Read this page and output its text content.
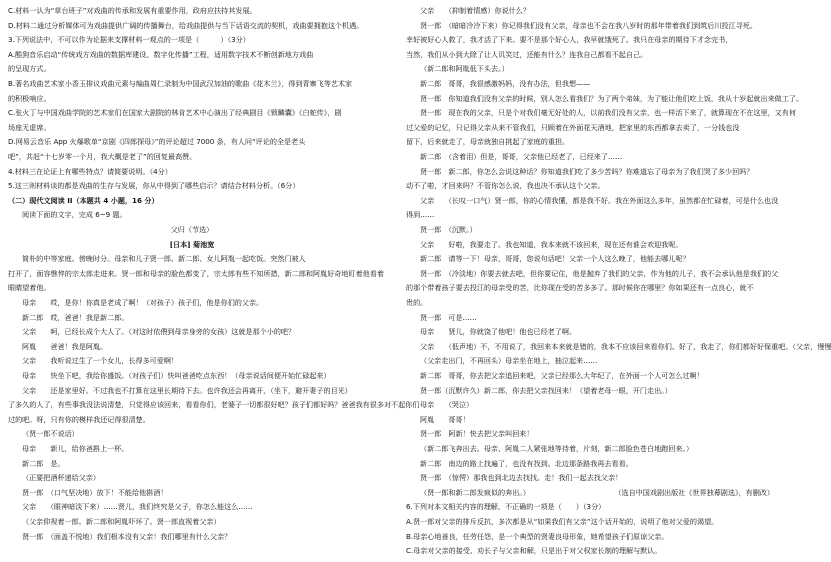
C.材料一认为“草台班子”对戏曲的传承和发展有重要作用，政府应扶持其发展。
D.材料二通过分析媒体可为戏曲提供广阔的传播舞台，给戏曲提供与当下话语交流的契机，戏曲要拥抱这个机遇。
3.下列说法中，不可以作为论据来支撑材料一观点的一项是（　　　）（3分）
A.酷狗音乐启动“传统戏方戏曲的数据库建设、数字化传播”工程，适用数字技术不断创新地方戏曲
的呈现方式。
B.著名戏曲艺术家小香玉排议戏曲元素与编曲周仁录制为中国武汉加油的歌曲《花木兰》，得到青寨飞等艺术家
的积极响应。
C.张火丁与中国戏曲学院的艺术家们在国家大剧院的林肯艺术中心演出了经典剧目《锁麟囊》《白蛇传》，剧
场座无虚席。
D.网易云音乐 App 火爆歌单“京剧《四郎探母》”的评论超过 7000 条，有人问“评论的全是老头
吧”，共赶“十七岁零一个月，我大概是老了”的回复最高赞。
4.材料三在论证上有哪些特点？请简要说明。（4分）
5.这三则材料谈的都是戏曲的生存与发展，你从中得到了哪些启示？请结合材料分析。（6分）
（二）现代文阅读 II（本题共 4 小题，16 分）
阅读下面的文字，完成 6~9 题。
父归（节选）
[日本] 菊池宽
简朴的中等家庭。傍晚时分。母亲和儿子贤一郎、新二郎、女儿阿胤一起吃饭。突然门被人
打开了，面容憔悴的宗太郎走进来。贤一郎和母亲的脸色都变了，宗太郎有些不知所措，新二郎和阿胤好奇地盯着他看着
眼睛望着他。
母亲　　哎，是你！你真是老成了啊！（对孩子）孩子们，他是你们的父亲。
新二郎　哎，爸爸！我是新二郎。
父亲　　呵，已经长成个大人了。（对这时依偎到母亲身旁的女孩）这就是那个小的吧？
阿胤　　爸爸！我是阿胤。
父亲　　我听说过生了一个女儿，长得多可爱啊！
母亲　　快坐下吧，我给你盛饭。（对孩子们）快叫爸爸吃点东西！（母亲说话间便开始忙碌起来）
父亲　　还是家里好。不过我也不打算在这里长期待下去。也许我还会再离开，（坐下，避开妻子的目光）
了多久的人了，有些事我没法说清楚，只觉得应该回来，看看你们，老婆子一切都很好吧？孩子们都好吗？爸爸我有很多对不起你们
过的吧。呀，只有你的模样我还记得很清楚。
（贤一郎不说话）
母亲　　新儿，给你爸斟上一杯。
新二郎　是。
（正要把酒杯递给父亲）
贤一郎　（口气坚决地）放下！不能给他斟酒！
父亲　　（眼神暗淡下来）……贤儿，我们终究是父子，你怎么能这么……
（父亲仰视着一郎。新二郎和阿胤吓坏了。贤一郎直视着父亲）
贤一郎　（面盖不悦地）我们根本没有父亲！我们哪里有什么父亲？
父亲　　（抑制着情感）你说什么？
贤一郎　（暗暗冷冷下来）你记得我们没有父亲，母亲也不会在我八岁时的那年带着我们到筑后川投江寻死。
幸好被好心人救了，我才活了下来。要不是那个好心人，我早就饿死了。我只在母亲的期待下才念完书，
当然，我们从小到大除了让人讥笑过，还能有什么？连我自己都看不起自己。
（新二郎和阿胤低下头去。）
新二郎　哥哥，我很感激妈妈，没有办法，但我想——
贤一郎　你知道我们没有父亲的时候，别人怎么看我们？为了两个弟妹，为了能让他们吃上饭，我从十岁起就出来做工了。
贤一郎　现在我的父亲，只是个对我们毫无好处的人，以前我们没有父亲，也一样活下来了，就算现在不在这里，又有何
过父爱的记忆，只记得父亲从来不管我们，只顾着在外面花天酒地，把家里的东西都拿去卖了，一分钱也没
留下，后来就走了，母亲就独自挑起了家庭的重担。
新二郎　（含着泪）但是，哥哥，父亲他已经老了，已经来了……
贤一郎　新二郎，你怎么会说这种话？你知道我们吃了多少苦吗？你难道忘了母亲为了我们哭了多少回吗？
动不了啦，才回来吗？不管你怎么说，我也决不承认这个父亲。
父亲　　（长叹一口气）贤一郎，你的心情我懂，都是我不好。我在外面这么多年，虽然都在忙碌着，可是什么也没
得到……
贤一郎　（沉默。）
父亲　　好啦，我要走了。我也知道，我本来就不该回来，现在还有谁会欢迎我呢。
新二郎　请等一下！母亲，哥哥，您说句话吧！父亲一个人这么晚了，他能去哪儿呢？
贤一郎　（冷淡地）你要去就去吧，但你要记住，他是抛弃了我们的父亲，作为他的儿子，我不会承认他是我们的父
的那个带着孩子要去投江的母亲受的苦，比你现在受的苦多多了。那时候你在哪里？你如果还有一点良心，就不
贵的。
贤一郎　可是……
母亲　　贤儿，你就饶了他吧！他也已经老了啊。
父亲　　（低声地）不，不用说了，我回来本来就是错的，我本不应该回来看你们。好了，我走了，你们都好好保重吧。（父亲，慢慢
（父亲走出门，不再回头）母亲坐在地上，抽泣起来……
新二郎　哥哥，你去把父亲追回来吧，父亲已经那么大年纪了，在外面一个人可怎么过啊！
贤一郎（沉默许久）新二郎，你去把父亲找回来！（望着老母一眼，开门走出。）
母亲　　（哭泣）
阿胤　　哥哥！
贤一郎　阿新！快去把父亲叫回来！
（新二郎飞奔出去。母亲、阿胤二人紧张地等待着，片刻，新二郎脸色苍白地跑回来。）
新二郎　南边的路上找遍了，也没有找到。北边那条路我再去看看。
贤一郎　（惊愕）那我也到北边去找找。走！我们一起去找父亲！
（贤一郎和新二郎发疯似的奔出。）
6.下列对本文相关内容的理解，不正确的一项是（　　）（3分）
A.贤一郎对父亲的排斥反抗，多次都是从“如果我们有父亲”这个话开始的，说明了他对父爱的渴望。
B.母亲心地善良，任劳任怨，是一个典型的贤妻良母形象，她希望孩子们原谅父亲。
C.母亲对父亲的接受、劝长子与父亲和解，只是出于对父权家长制的理解与默认。
（选自中国戏剧出版社《世界独幕剧选》，有删改）
